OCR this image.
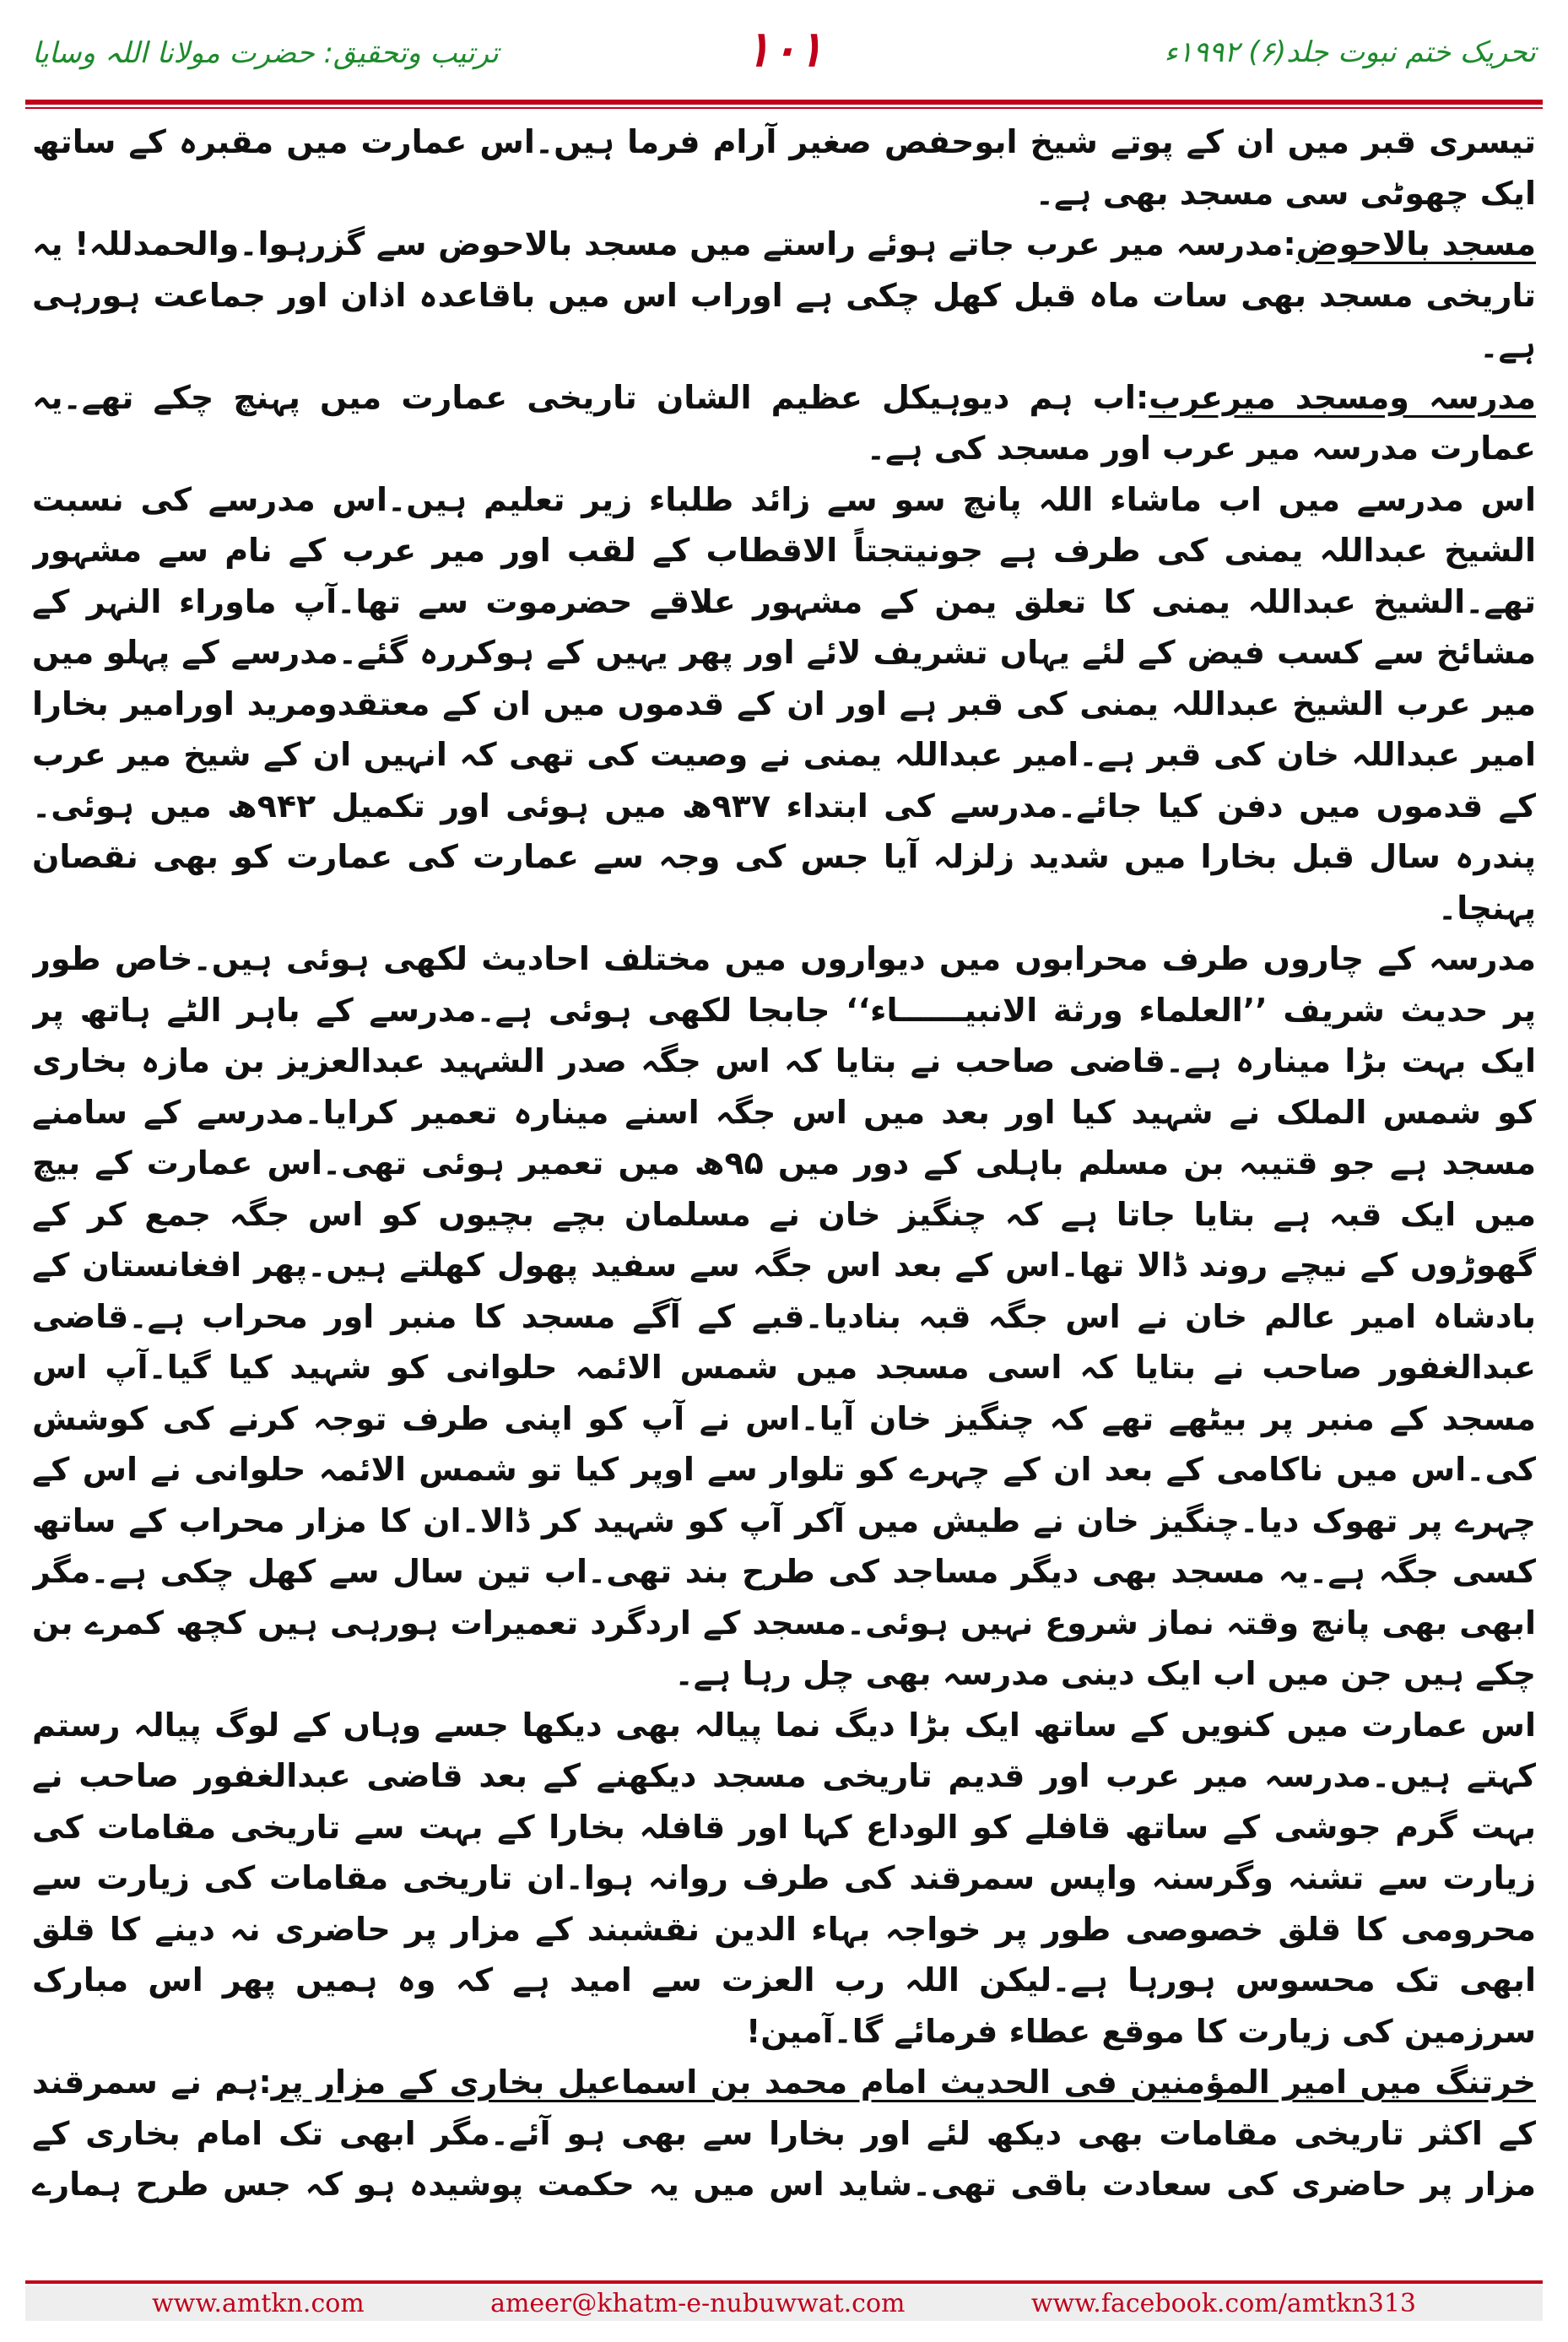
تحریک ختم نبوت جلد(۶) ۱۹۹۲ء
۱۰۱
ترتیب وتحقیق: حضرت مولانا اللہ وسایا

تیسری قبر میں ان کے پوتے شیخ ابوحفص صغیر آرام فرما ہیں۔اس عمارت میں مقبرہ کے ساتھ ایک چھوٹی سی مسجد بھی ہے۔

مسجد بالاحوض:مدرسہ میر عرب جاتے ہوئے راستے میں مسجد بالاحوض سے گزرہوا۔والحمدللہ! یہ تاریخی مسجد بھی سات ماہ قبل کھل چکی ہے اوراب اس میں باقاعدہ اذان اور جماعت ہورہی ہے۔

مدرسہ ومسجد میرعرب:اب ہم دیوہیکل عظیم الشان تاریخی عمارت میں پہنچ چکے تھے۔یہ عمارت مدرسہ میر عرب اور مسجد کی ہے۔

اس مدرسے میں اب ماشاء اللہ پانچ سو سے زائد طلباء زیر تعلیم ہیں۔اس مدرسے کی نسبت الشیخ عبداللہ یمنی کی طرف ہے جونیتجتاً الاقطاب کے لقب اور میر عرب کے نام سے مشہور تھے۔الشیخ عبداللہ یمنی کا تعلق یمن کے مشہور علاقے حضرموت سے تھا۔آپ ماوراء النہر کے مشائخ سے کسب فیض کے لئے یہاں تشریف لائے اور پھر یہیں کے ہوکررہ گئے۔مدرسے کے پہلو میں میر عرب الشیخ عبداللہ یمنی کی قبر ہے اور ان کے قدموں میں ان کے معتقدومرید اورامیر بخارا امیر عبداللہ خان کی قبر ہے۔امیر عبداللہ یمنی نے وصیت کی تھی کہ انہیں ان کے شیخ میر عرب کے قدموں میں دفن کیا جائے۔مدرسے کی ابتداء ۹۳۷ھ میں ہوئی اور تکمیل ۹۴۲ھ میں ہوئی۔پندرہ سال قبل بخارا میں شدید زلزلہ آیا جس کی وجہ سے عمارت کی عمارت کو بھی نقصان پہنچا۔

مدرسہ کے چاروں طرف محرابوں میں دیواروں میں مختلف احادیث لکھی ہوئی ہیں۔خاص طور پر حدیث شریف ’’العلماء ورثة الانبیــــــاء‘‘ جابجا لکھی ہوئی ہے۔مدرسے کے باہر الٹے ہاتھ پر ایک بہت بڑا مینارہ ہے۔قاضی صاحب نے بتایا کہ اس جگہ صدر الشہید عبدالعزیز بن مازہ بخاری کو شمس الملک نے شہید کیا اور بعد میں اس جگہ اسنے مینارہ تعمیر کرایا۔مدرسے کے سامنے مسجد ہے جو قتیبہ بن مسلم باہلی کے دور میں ۹۵ھ میں تعمیر ہوئی تھی۔اس عمارت کے بیچ میں ایک قبہ ہے بتایا جاتا ہے کہ چنگیز خان نے مسلمان بچے بچیوں کو اس جگہ جمع کر کے گھوڑوں کے نیچے روند ڈالا تھا۔اس کے بعد اس جگہ سے سفید پھول کھلتے ہیں۔پھر افغانستان کے بادشاہ امیر عالم خان نے اس جگہ قبہ بنادیا۔قبے کے آگے مسجد کا منبر اور محراب ہے۔قاضی عبدالغفور صاحب نے بتایا کہ اسی مسجد میں شمس الائمہ حلوانی کو شہید کیا گیا۔آپ اس مسجد کے منبر پر بیٹھے تھے کہ چنگیز خان آیا۔اس نے آپ کو اپنی طرف توجہ کرنے کی کوشش کی۔اس میں ناکامی کے بعد ان کے چہرے کو تلوار سے اوپر کیا تو شمس الائمہ حلوانی نے اس کے چہرے پر تھوک دیا۔چنگیز خان نے طیش میں آکر آپ کو شہید کر ڈالا۔ان کا مزار محراب کے ساتھ کسی جگہ ہے۔یہ مسجد بھی دیگر مساجد کی طرح بند تھی۔اب تین سال سے کھل چکی ہے۔مگر ابھی بھی پانچ وقتہ نماز شروع نہیں ہوئی۔مسجد کے اردگرد تعمیرات ہورہی ہیں کچھ کمرے بن چکے ہیں جن میں اب ایک دینی مدرسہ بھی چل رہا ہے۔

اس عمارت میں کنویں کے ساتھ ایک بڑا دیگ نما پیالہ بھی دیکھا جسے وہاں کے لوگ پیالہ رستم کہتے ہیں۔مدرسہ میر عرب اور قدیم تاریخی مسجد دیکھنے کے بعد قاضی عبدالغفور صاحب نے بہت گرم جوشی کے ساتھ قافلے کو الوداع کہا اور قافلہ بخارا کے بہت سے تاریخی مقامات کی زیارت سے تشنہ وگرسنہ واپس سمرقند کی طرف روانہ ہوا۔ان تاریخی مقامات کی زیارت سے محرومی کا قلق خصوصی طور پر خواجہ بہاء الدین نقشبند کے مزار پر حاضری نہ دینے کا قلق ابھی تک محسوس ہورہا ہے۔لیکن اللہ رب العزت سے امید ہے کہ وہ ہمیں پھر اس مبارک سرزمین کی زیارت کا موقع عطاء فرمائے گا۔آمین!

خرتنگ میں امیر المؤمنین فی الحدیث امام محمد بن اسماعیل بخاری کے مزار پر:ہم نے سمرقند کے اکثر تاریخی مقامات بھی دیکھ لئے اور بخارا سے بھی ہو آئے۔مگر ابھی تک امام بخاری کے مزار پر حاضری کی سعادت باقی تھی۔شاید اس میں یہ حکمت پوشیدہ ہو کہ جس طرح ہمارے

www.amtkn.com	ameer@khatm-e-nubuwwat.com	www.facebook.com/amtkn313
